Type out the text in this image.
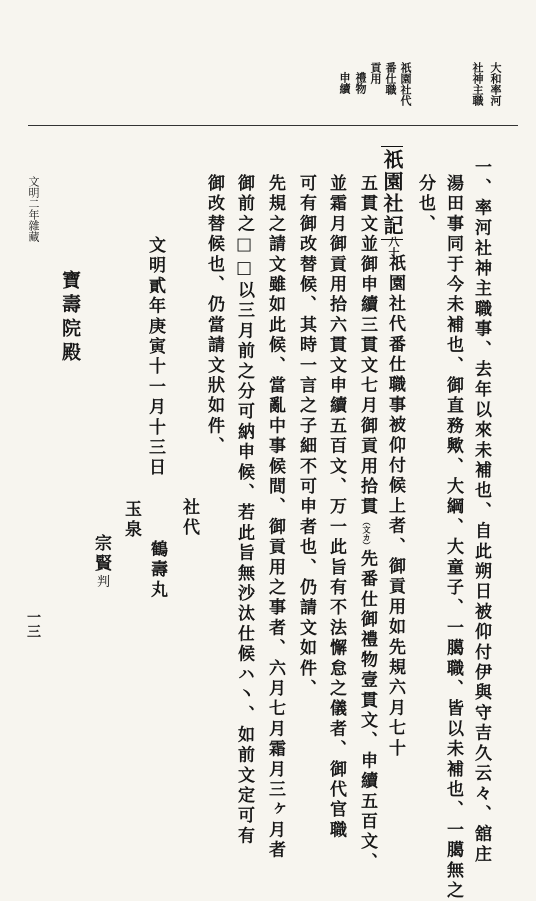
大和率河
社神主職
祇園社代
番仕職
貢用
禮物
申續
文明二年雜藏
一三	一、率河社神主職事、去年以來未補也、自此朔日被仰付伊與守吉久云々、舘庄
湯田事同于今未補也、御直務歟、大綱、大童子、一臈職、皆以未補也、一臈無之
分也、
祇園社記
八十
祇園社代番仕職事被仰付候上者、御貢用如先規六月七十
五貫文並御申續三貫文七月御貢用拾貫（文カ）先番仕御禮物壹貫文、申續五百文、
並霜月御貢用拾六貫文申續五百文、万一此旨有不法懈怠之儀者、御代官職
可有御改替候、其時一言之子細不可申者也、仍請文如件、
先規之請文雖如此候、當亂中事候間、御貢用之事者、六月七月霜月三ヶ月者
御前之□□以三月前之分可納申候、若此旨無沙汰仕候ハ丶、如前文定可有
御改替候也、仍當請文狀如件、
文明貳年庚寅十一月十三日
寶壽院殿
社代
鶴壽丸
玉泉
宗賢判
